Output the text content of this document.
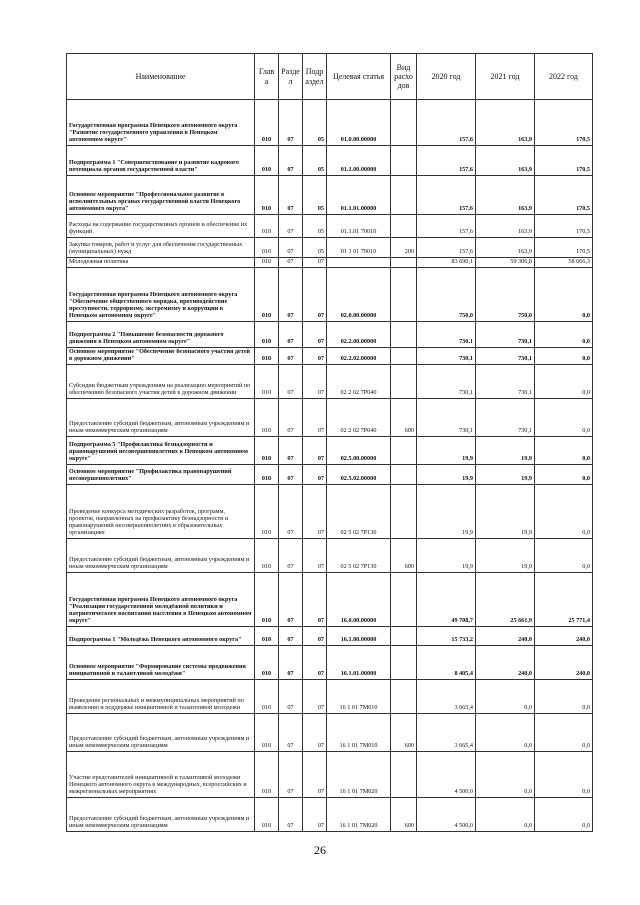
Наименование	Глав а	Разде л	Подр аздел	Целевая статья	Вид расхо дов	2020 год	2021 год	2022 год
Государственная программа Ненецкого автономного округа "Развитие государственного управления в Ненецком автономном округе"	010	07	05	01.0.00.00000		157,6	163,9	170,5
Подпрограмма 1 "Совершенствование и развитие кадрового потенциала органов государственной власти"	010	07	05	01.1.00.00000		157,6	163,9	170,5
Основное мероприятие "Профессиональное развитие в исполнительных органах государственной власти Ненецкого автономного округа"	010	07	05	01.1.01.00000		157,6	163,9	170,5
Расходы на содержание государственных органов и обеспечение их функций	010	07	05	01.1.01 70010		157,6	163,9	170,5
Закупка товаров, работ и услуг для обеспечения государственных (муниципальных) нужд	010	07	05	01 1 01 70010	200	157,6	163,9	170,5
Молодежная политика	010	07	07			83 690,1	59 306,8	58 666,3
Государственная программа Ненецкого автономного округа "Обеспечение общественного порядка, противодействие преступности, терроризму, экстремизму и коррупции в Ненецком автономном округе"	010	07	07	02.0.00.00000		750,0	750,0	0,0
Подпрограмма 2 "Повышение безопасности дорожного движения в Ненецком автономном округе"	010	07	07	02.2.00.00000		730,1	730,1	0,0
Основное мероприятие "Обеспечение безопасного участия детей в дорожном движении"	010	07	07	02.2.02.00000		730,1	730,1	0,0
Субсидии бюджетным учреждениям на реализацию мероприятий по обеспечению безопасного участия детей в дорожном движении	010	07	07	02 2 02 7Р040		730,1	730,1	0,0
Предоставление субсидий бюджетным, автономным учреждениям и иным некоммерческим организациям	010	07	07	02 2 02 7Р040	600	730,1	730,1	0,0
Подпрограмма 5 "Профилактика безнадзорности и правонарушений несовершеннолетних в Ненецком автономном округе"	010	07	07	02.5.00.00000		19,9	19,9	0,0
Основное мероприятие "Профилактика правонарушений несовершеннолетних"	010	07	07	02.5.02.00000		19,9	19,9	0,0
Проведение конкурса методических разработок, программ, проектов, направленных на профилактику безнадзорности и правонарушений несовершеннолетних в образовательных организациях	010	07	07	02 5 02 7Р130		19,9	19,9	0,0
Предоставление субсидий бюджетным, автономным учреждениям и иным некоммерческим организациям	010	07	07	02 5 02 7Р130	600	19,9	19,9	0,0
Государственная программа Ненецкого автономного округа "Реализация государственной молодёжной политики и патриотического воспитания населения в Ненецком автономном округе"	010	07	07	16.0.00.00000		49 708,7	25 661,9	25 771,4
Подпрограмма 1 "Молодёжь Ненецкого автономного округа"	010	07	07	16.1.00.00000		15 733,2	240,0	240,0
Основное мероприятие "Формирование системы продвижения инициативной и талантливой молодёжи"	010	07	07	16.1.01.00000		8 405,4	240,0	240,0
Проведение региональных и межмуниципальных мероприятий по выявлению и поддержке инициативной и талантливой молодежи	010	07	07	16 1 01 7М010		3 665,4	0,0	0,0
Предоставление субсидий бюджетным, автономным учреждениям и иным некоммерческим организациям	010	07	07	16 1 01 7М010	600	3 665,4	0,0	0,0
Участие представителей инициативной и талантливой молодежи Ненецкого автономного округа в международных, всероссийских и межрегиональных мероприятиях	010	07	07	16 1 01 7М020		4 500,0	0,0	0,0
Предоставление субсидий бюджетным, автономным учреждениям и иным некоммерческим организациям	010	07	07	16 1 01 7М020	600	4 500,0	0,0	0,0
26
